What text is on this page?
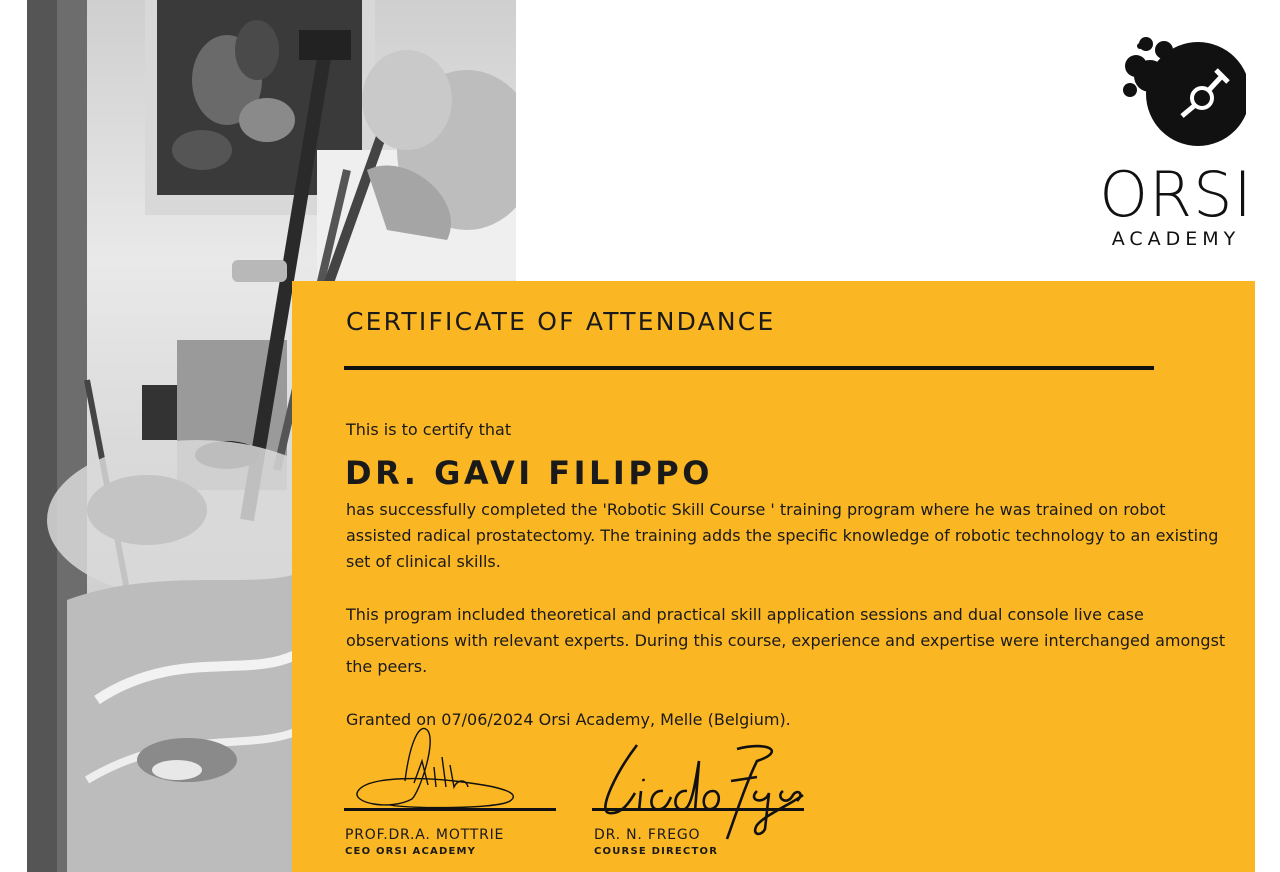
ORSI
ACADEMY
CERTIFICATE OF ATTENDANCE
This is to certify that
DR. GAVI FILIPPO
has successfully completed the 'Robotic Skill Course ' training program where he was trained on robot assisted radical prostatectomy. The training adds the specific knowledge of robotic technology to an existing set of clinical skills.
This program included theoretical and practical skill application sessions and dual console live case observations with relevant experts. During this course, experience and expertise were interchanged amongst the peers.
Granted on 07/06/2024 Orsi Academy, Melle (Belgium).
PROF.DR.A. MOTTRIE
CEO ORSI ACADEMY
DR. N. FREGO
COURSE DIRECTOR
